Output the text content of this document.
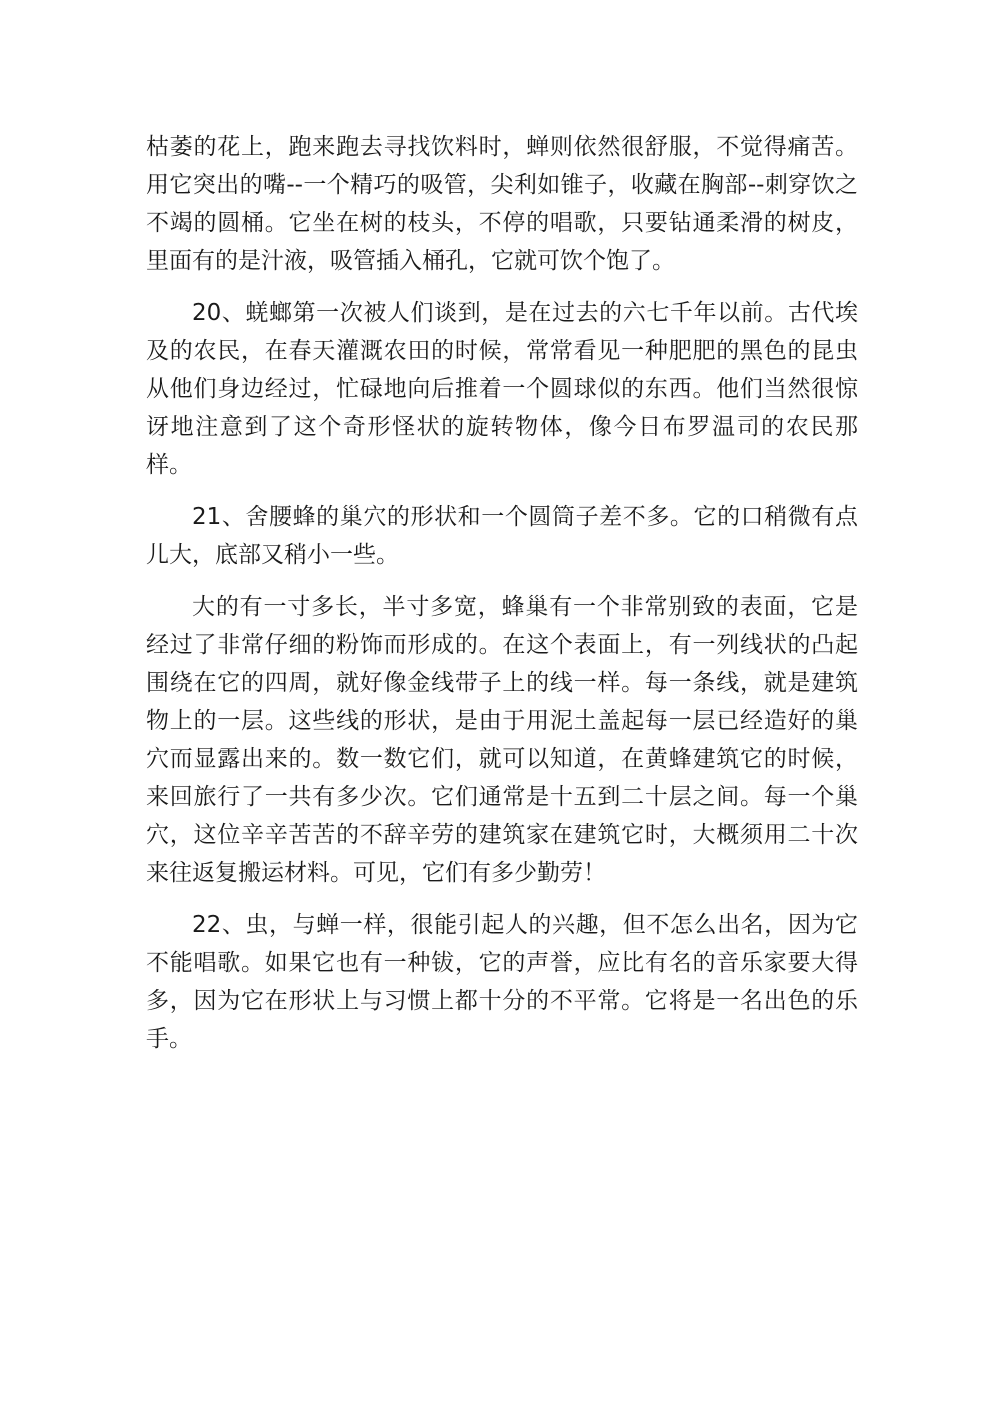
枯萎的花上，跑来跑去寻找饮料时，蝉则依然很舒服，不觉得痛苦。用它突出的嘴--一个精巧的吸管，尖利如锥子，收藏在胸部--刺穿饮之不竭的圆桶。它坐在树的枝头，不停的唱歌，只要钻通柔滑的树皮，里面有的是汁液，吸管插入桶孔，它就可饮个饱了。

20、蜣螂第一次被人们谈到，是在过去的六七千年以前。古代埃及的农民，在春天灌溉农田的时候，常常看见一种肥肥的黑色的昆虫从他们身边经过，忙碌地向后推着一个圆球似的东西。他们当然很惊讶地注意到了这个奇形怪状的旋转物体，像今日布罗温司的农民那样。

21、舍腰蜂的巢穴的形状和一个圆筒子差不多。它的口稍微有点儿大，底部又稍小一些。

大的有一寸多长，半寸多宽，蜂巢有一个非常别致的表面，它是经过了非常仔细的粉饰而形成的。在这个表面上，有一列线状的凸起围绕在它的四周，就好像金线带子上的线一样。每一条线，就是建筑物上的一层。这些线的形状，是由于用泥土盖起每一层已经造好的巢穴而显露出来的。数一数它们，就可以知道，在黄蜂建筑它的时候，来回旅行了一共有多少次。它们通常是十五到二十层之间。每一个巢穴，这位辛辛苦苦的不辞辛劳的建筑家在建筑它时，大概须用二十次来往返复搬运材料。可见，它们有多少勤劳！

22、虫，与蝉一样，很能引起人的兴趣，但不怎么出名，因为它不能唱歌。如果它也有一种钹，它的声誉，应比有名的音乐家要大得多，因为它在形状上与习惯上都十分的不平常。它将是一名出色的乐手。
